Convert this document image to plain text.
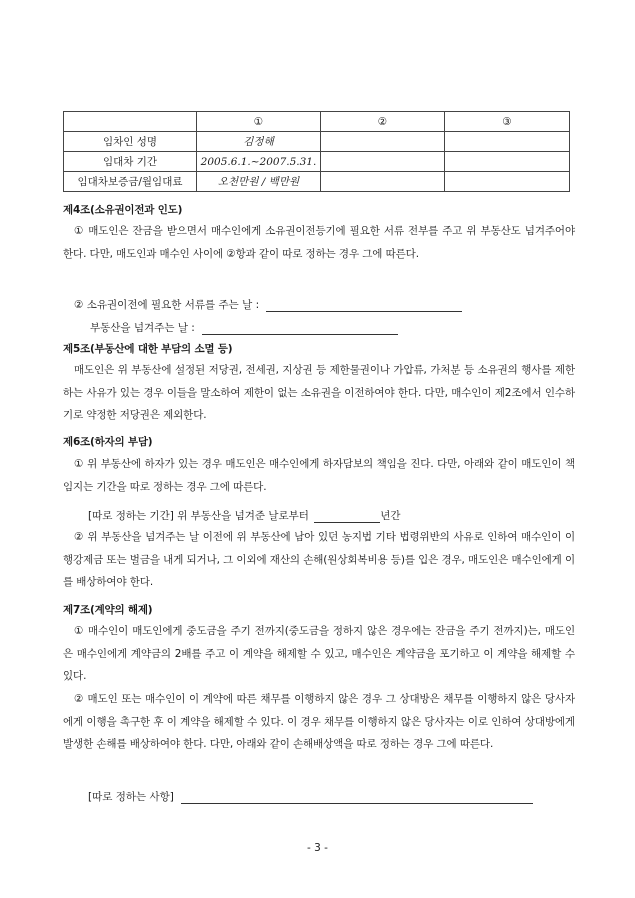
	①	②	③
임차인 성명	김정해		
임대차 기간	2005.6.1.~2007.5.31.		
임대차보증금/월임대료	오천만원 / 백만원		
제4조(소유권이전과 인도)
① 매도인은 잔금을 받으면서 매수인에게 소유권이전등기에 필요한 서류 전부를 주고 위 부동산도 넘겨주어야 한다. 다만, 매도인과 매수인 사이에 ②항과 같이 따로 정하는 경우 그에 따른다.
② 소유권이전에 필요한 서류를 주는 날 :
부동산을 넘겨주는 날 :
제5조(부동산에 대한 부담의 소멸 등)
매도인은 위 부동산에 설정된 저당권, 전세권, 지상권 등 제한물권이나 가압류, 가처분 등 소유권의 행사를 제한하는 사유가 있는 경우 이들을 말소하여 제한이 없는 소유권을 이전하여야 한다. 다만, 매수인이 제2조에서 인수하기로 약정한 저당권은 제외한다.
제6조(하자의 부담)
① 위 부동산에 하자가 있는 경우 매도인은 매수인에게 하자담보의 책임을 진다. 다만, 아래와 같이 매도인이 책임지는 기간을 따로 정하는 경우 그에 따른다.
[따로 정하는 기간] 위 부동산을 넘겨준 날로부터	년간
② 위 부동산을 넘겨주는 날 이전에 위 부동산에 남아 있던 농지법 기타 법령위반의 사유로 인하여 매수인이 이행강제금 또는 벌금을 내게 되거나, 그 이외에 재산의 손해(원상회복비용 등)를 입은 경우, 매도인은 매수인에게 이를 배상하여야 한다.
제7조(계약의 해제)
① 매수인이 매도인에게 중도금을 주기 전까지(중도금을 정하지 않은 경우에는 잔금을 주기 전까지)는, 매도인은 매수인에게 계약금의 2배를 주고 이 계약을 해제할 수 있고, 매수인은 계약금을 포기하고 이 계약을 해제할 수 있다.
② 매도인 또는 매수인이 이 계약에 따른 채무를 이행하지 않은 경우 그 상대방은 채무를 이행하지 않은 당사자에게 이행을 촉구한 후 이 계약을 해제할 수 있다. 이 경우 채무를 이행하지 않은 당사자는 이로 인하여 상대방에게 발생한 손해를 배상하여야 한다. 다만, 아래와 같이 손해배상액을 따로 정하는 경우 그에 따른다.
[따로 정하는 사항]
- 3 -
